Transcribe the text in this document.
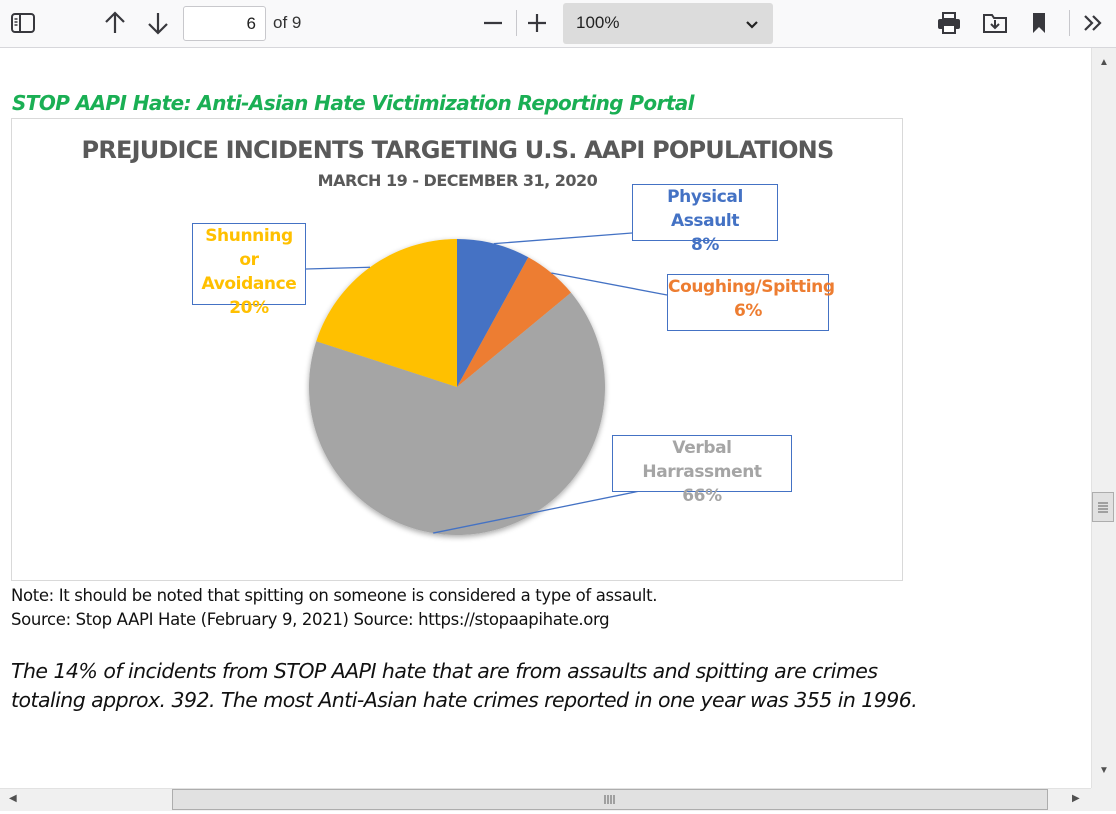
6	of 9	100%
STOP AAPI Hate: Anti-Asian Hate Victimization Reporting Portal
PREJUDICE INCIDENTS TARGETING U.S. AAPI POPULATIONS
MARCH 19 - DECEMBER 31, 2020
Physical Assault
8%
Coughing/Spitting
6%
Verbal Harrassment
66%
Shunning or
Avoidance
20%
Note: It should be noted that spitting on someone is considered a type of assault.
Source: Stop AAPI Hate (February 9, 2021) Source: https://stopaapihate.org
The 14% of incidents from STOP AAPI hate that are from assaults and spitting are crimes
totaling approx. 392. The most Anti-Asian hate crimes reported in one year was 355 in 1996.
▲
▼
◀	▶
